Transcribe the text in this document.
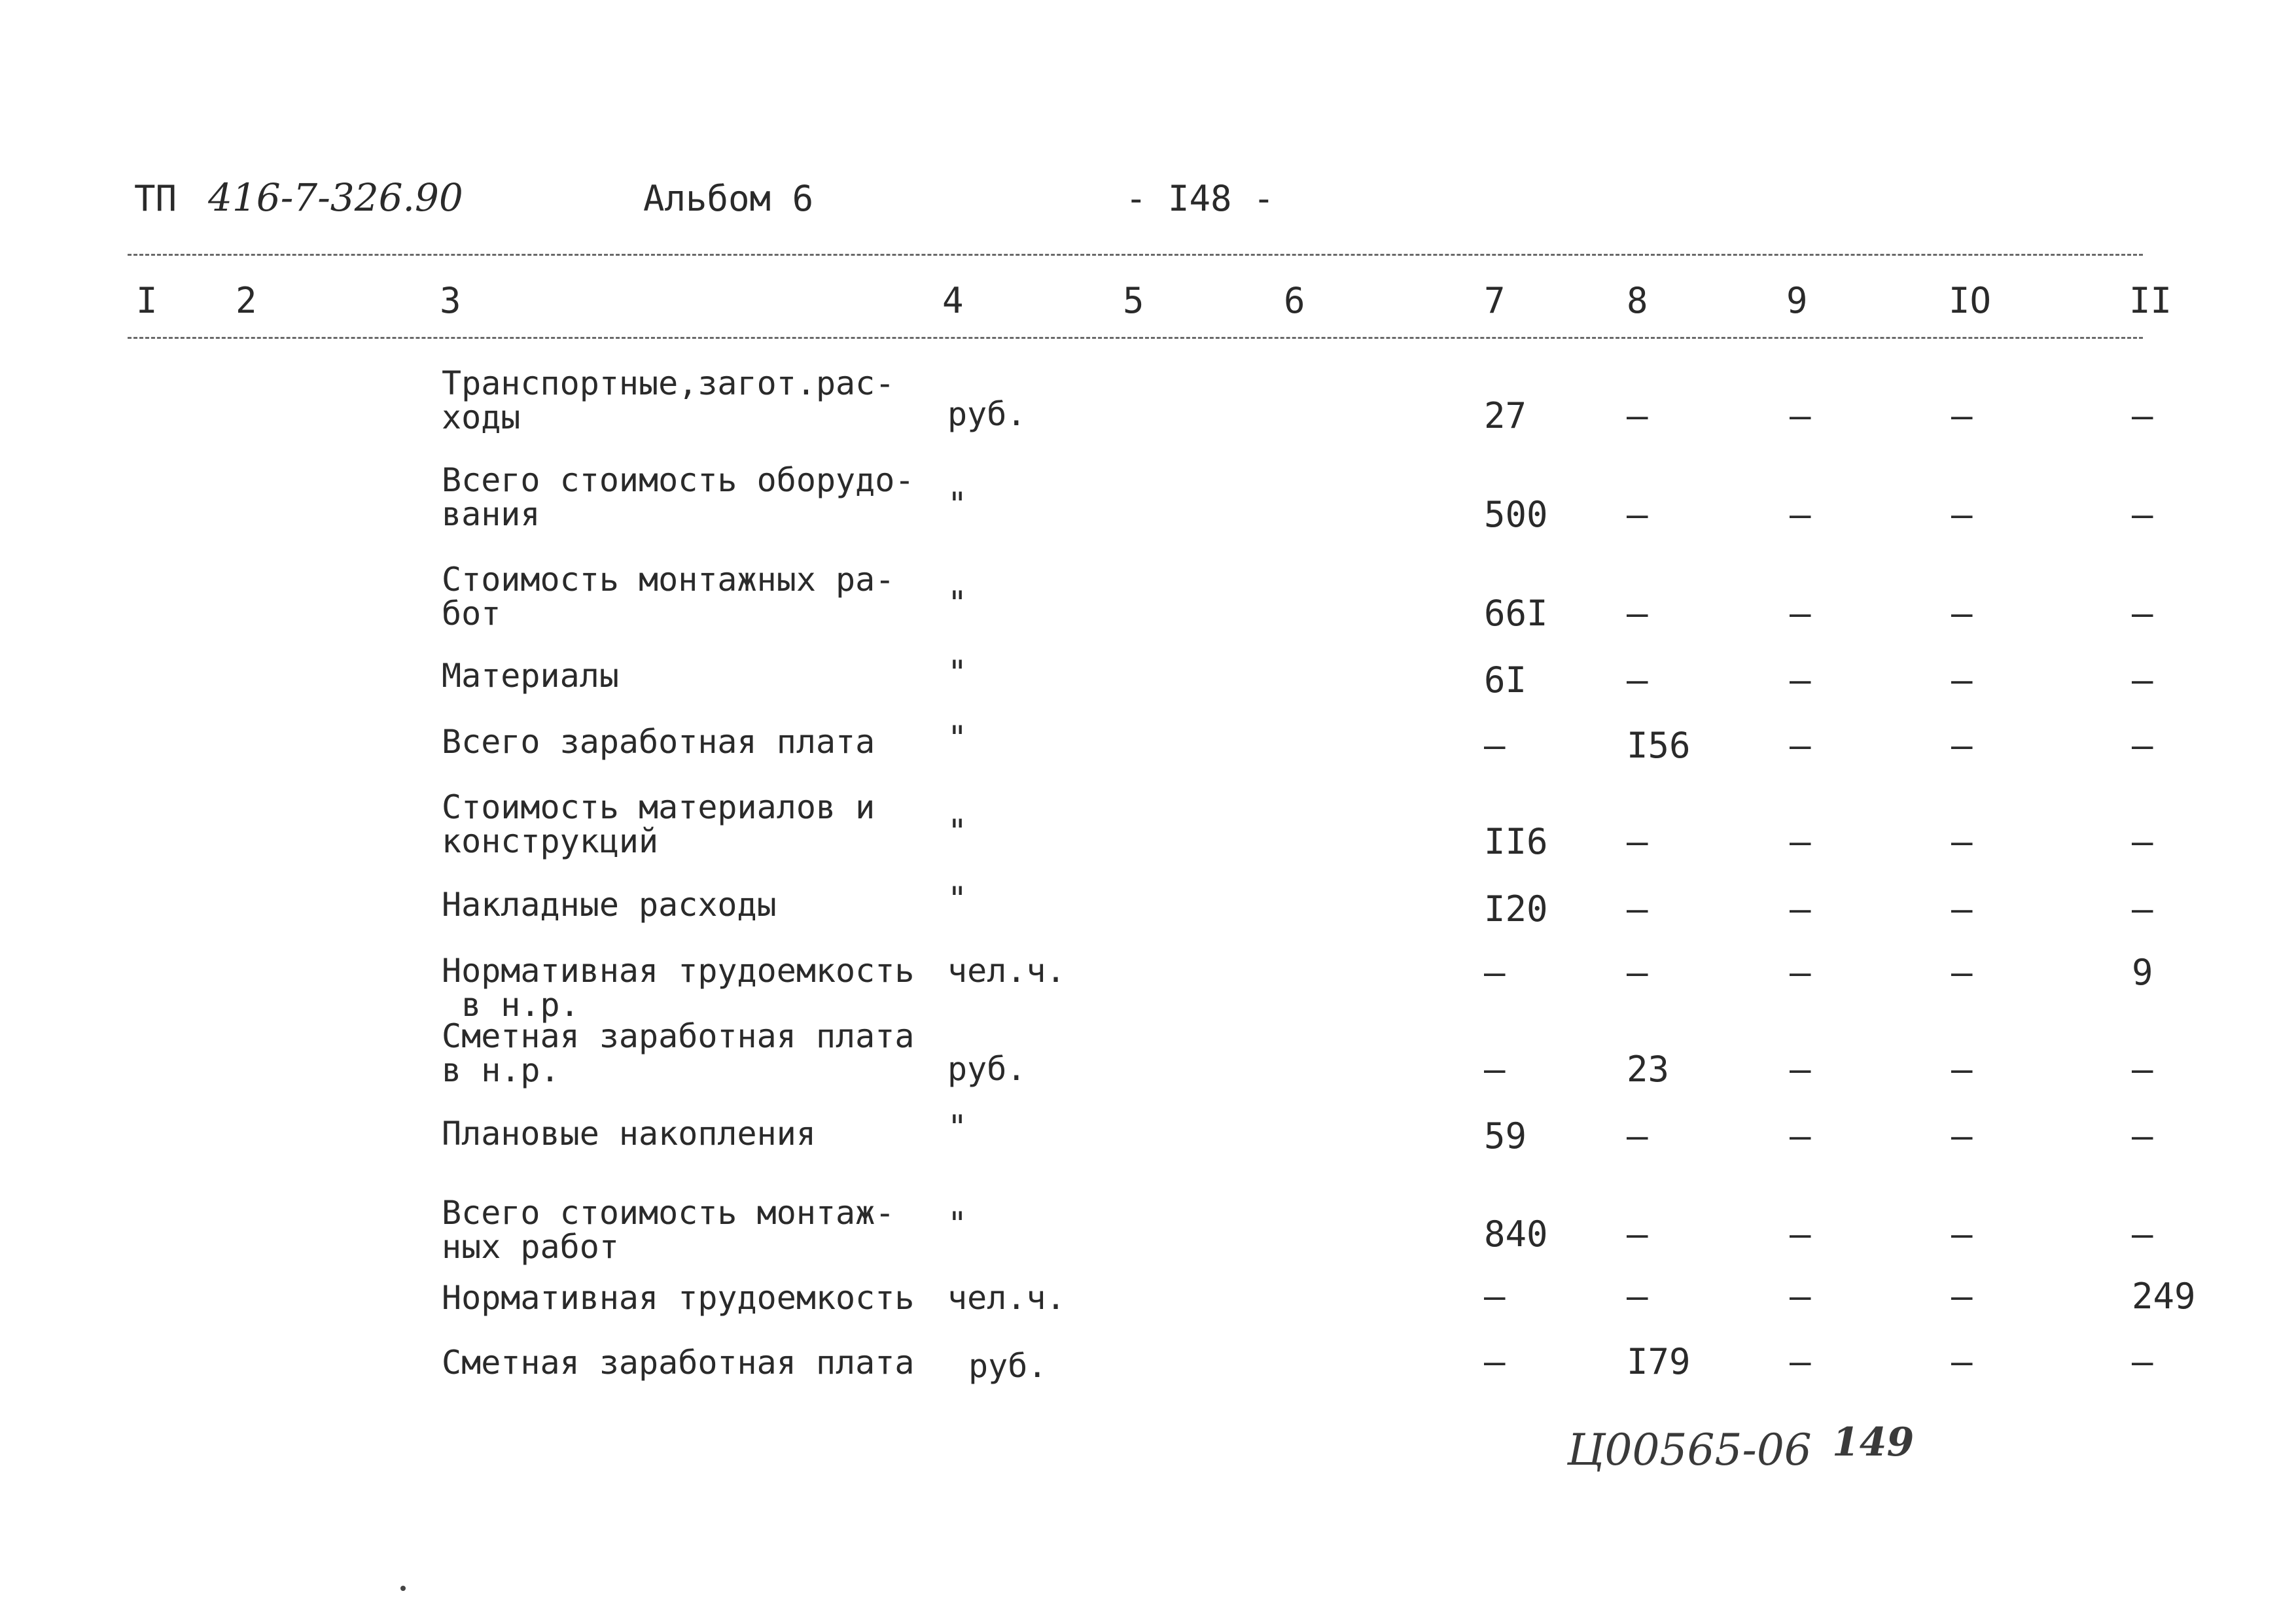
ТП 416-7-326.90	Альбом 6	- I48 -
I 2	3	4	5	6	7	8	9	IO	II
Транспортные,загот.рас-
ходы	руб.	27	–	–	–	–
Всего стоимость оборудо-
вания	"	500 –	–	–	–
Стоимость монтажных ра-
бот	"	66I –	–	–	–
Материалы	"	6I	–	–	–	–
Всего заработная плата "	–	I56	–	–	–
Стоимость материалов и
конструкций	"	II6 –	–	–	–
Накладные расходы	"	I20 –	–	–	–
Нормативная трудоемкость
в н.р.
чел.ч.	–	–	–	–	9
Сметная заработная плата
в н.р.	руб.	–	23	–	–	–
Плановые накопления	"	59	–	–	–	–
Всего стоимость монтаж-
ных работ
"	840 –	–	–	–
Нормативная трудоемкость чел.ч.	–	–	–	–	249
Сметная заработная плата руб.	–	I79	–	–	–
Ц00565-06 149
